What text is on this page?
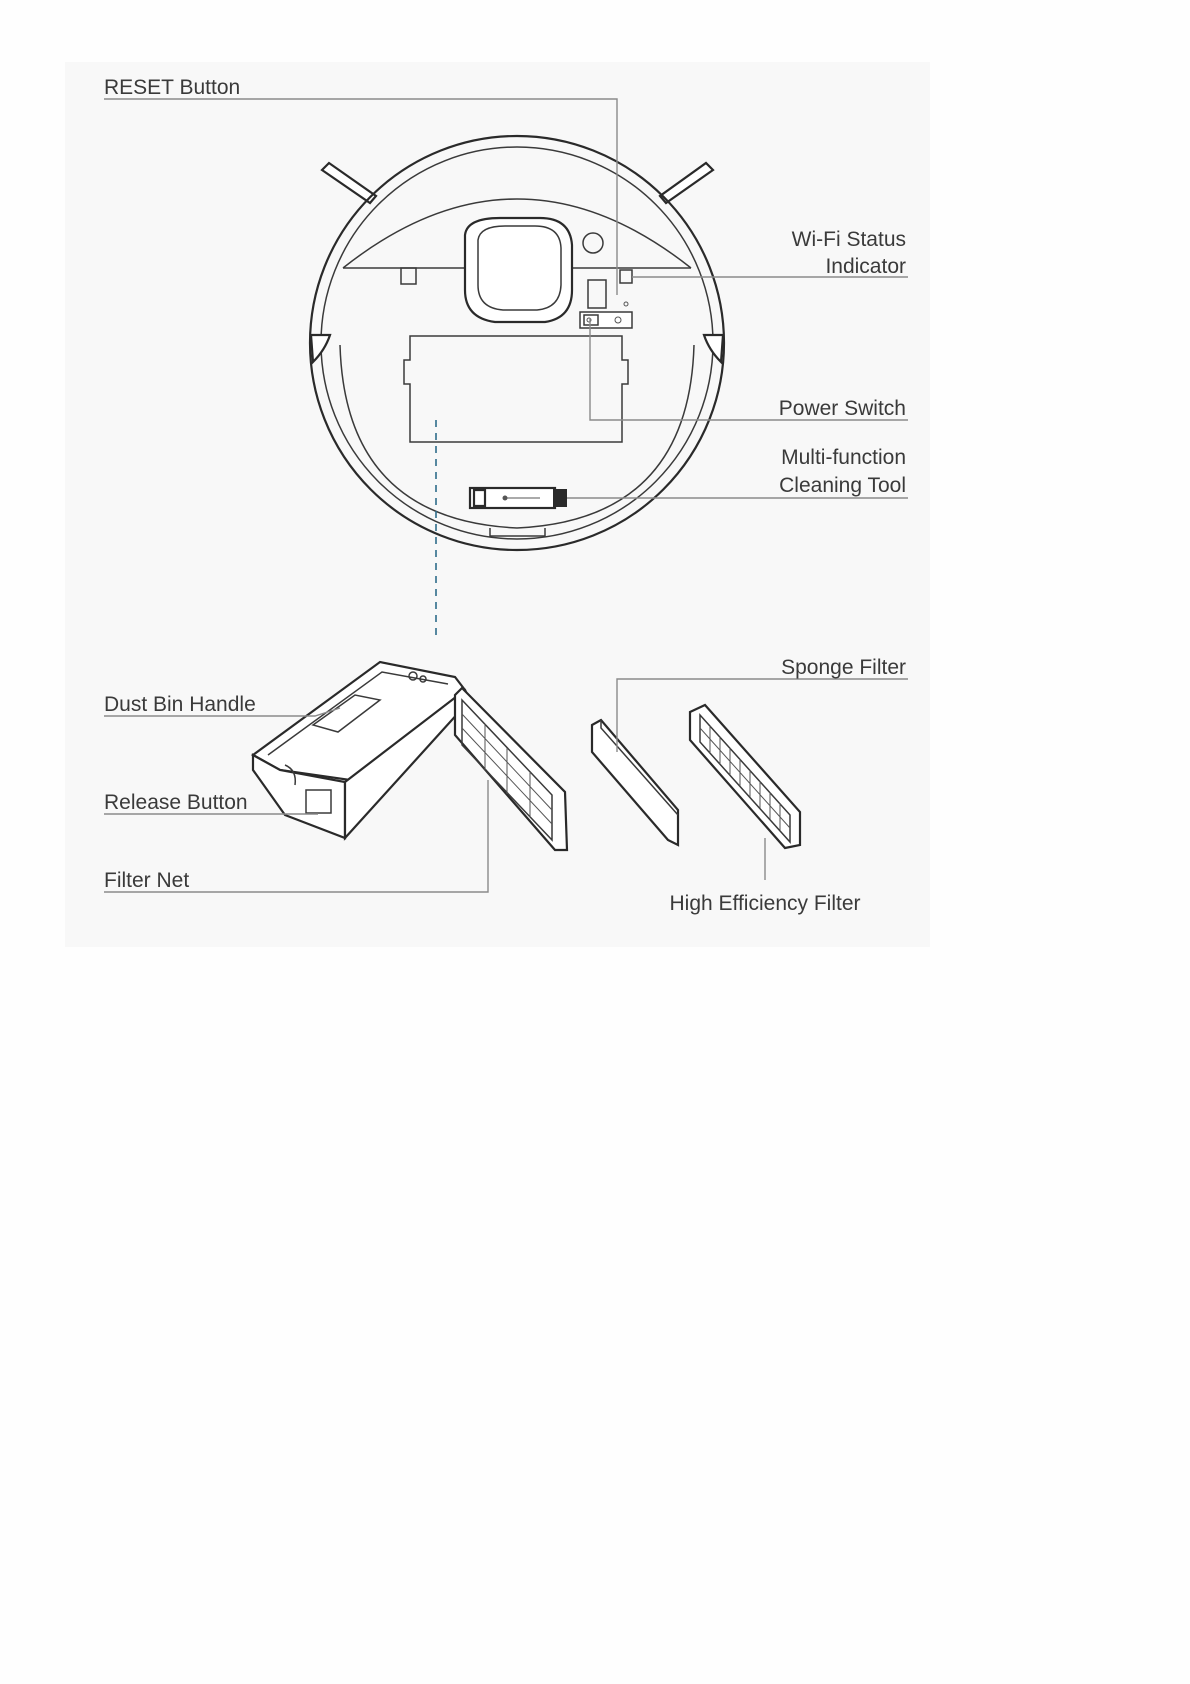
RESET Button
Wi-Fi Status
Indicator
Power Switch
Multi-function
Cleaning Tool
Sponge Filter
Dust Bin Handle
Release Button
Filter Net
High Efficiency Filter
